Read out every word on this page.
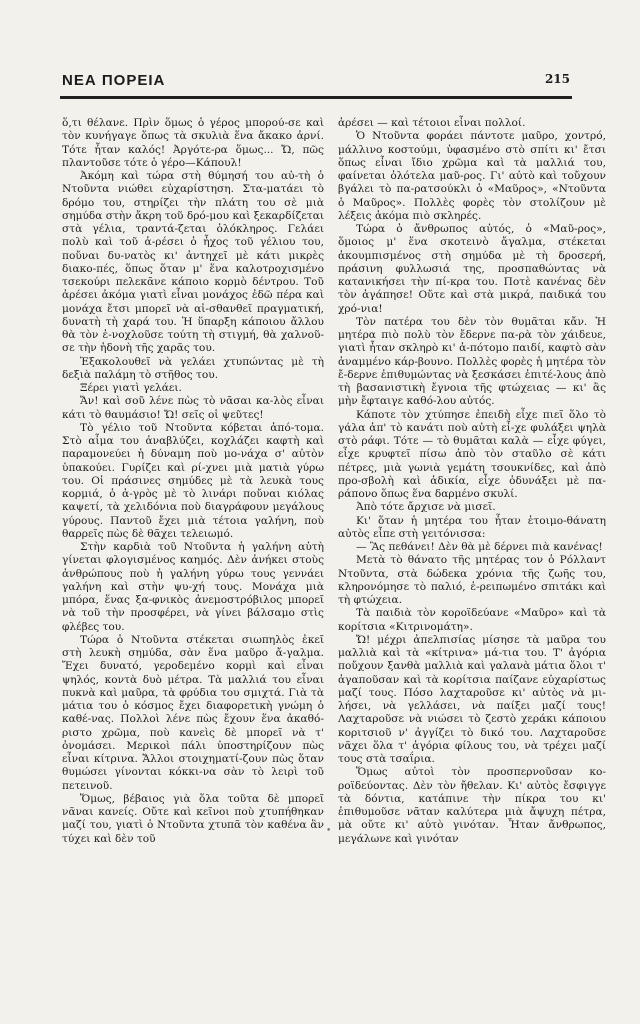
ΝΕΑ ΠΟΡΕΙΑ	215

ὅ,τι θέλανε. Πρὶν ὅμως ὁ γέρος μπορού-σε καὶ τὸν κυνήγαγε ὅπως τὰ σκυλιὰ ἕνα ἄκακο ἀρνί. Τότε ἦταν καλός! Ἀργότε-ρα ὅμως... Ὤ, πῶς πλαντοῦσε τότε ὁ γέρο—Κάπουλ!

Ἀκόμη καὶ τώρα στὴ θύμησή του αὐ-τὴ ὁ Ντοῦντα νιώθει εὐχαρίστηση. Στα-ματάει τὸ δρόμο του, στηρίζει τὴν πλάτη του σὲ μιὰ σημύδα στὴν ἄκρη τοῦ δρό-μου καὶ ξεκαρδίζεται στὰ γέλια, τραντά-ζεται ὁλόκληρος. Γελάει πολὺ καὶ τοῦ ἀ-ρέσει ὁ ἦχος τοῦ γέλιου του, ποὔναι δυ-νατὸς κι' ἀντηχεῖ μὲ κάτι μικρὲς διακο-πές, ὅπως ὅταν μ' ἕνα καλοτροχισμένο τσεκούρι πελεκᾶνε κάποιο κορμὸ δέντρου. Τοῦ ἀρέσει ἀκόμα γιατὶ εἶναι μονάχος ἐδῶ πέρα καὶ μονάχα ἔτσι μπορεῖ νὰ αἰ-σθανθεῖ πραγματική, δυνατὴ τὴ χαρά του. Ἡ ὕπαρξη κάποιου ἄλλου θὰ τὸν ἐ-νοχλοῦσε τούτη τὴ στιγμή, θὰ χαλνοῦ-σε τὴν ἡδονὴ τῆς χαρᾶς του.

Ἐξακολουθεῖ νὰ γελάει χτυπώντας μὲ τὴ δεξιὰ παλάμη τὸ στῆθος του.

Ξέρει γιατὶ γελάει.

Ἄν! καὶ σοῦ λένε πὼς τὸ νᾶσαι κα-λὸς εἶναι κάτι τὸ θαυμάσιο! Ὤ! σεῖς οἱ ψεῦτες!

Τὸ γέλιο τοῦ Ντοῦντα κόβεται ἀπό-τομα. Στὸ αἷμα του ἀναβλύζει, κοχλάζει καφτὴ καὶ παραμονεύει ἡ δύναμη ποὺ μο-νάχα σ' αὐτὸν ὑπακούει. Γυρίζει καὶ ρί-χνει μιὰ ματιὰ γύρω του. Οἱ πράσινες σημύδες μὲ τὰ λευκὰ τους κορμιά, ὁ ἀ-γρὸς μὲ τὸ λινάρι ποὔναι κιόλας καψετί, τὰ χελιδόνια ποὺ διαγράφουν μεγάλους γύρους. Παντοῦ ἔχει μιὰ τέτοια γαλήνη, ποὺ θαρρεῖς πὼς δὲ θᾶχει τελειωμό.

Στὴν καρδιὰ τοῦ Ντοῦντα ἡ γαλήνη αὐτὴ γίνεται φλογισμένος καημός. Δὲν ἀνήκει στοὺς ἀνθρώπους ποὺ ἡ γαλήνη γύρω τους γεννάει γαλήνη καὶ στὴν ψυ-χή τους. Μονάχα μιὰ μπόρα, ἕνας ξα-φνικὸς ἀνεμοστρόβιλος μπορεῖ νὰ τοῦ τὴν προσφέρει, νὰ γίνει βάλσαμο στὶς φλέβες του.

Τώρα ὁ Ντοῦντα στέκεται σιωπηλὸς ἐκεῖ στὴ λευκὴ σημύδα, σὰν ἕνα μαῦρο ἄ-γαλμα. Ἔχει δυνατό, γεροδεμένο κορμὶ καὶ εἶναι ψηλός, κοντὰ δυὸ μέτρα. Τὰ μαλλιά του εἶναι πυκνὰ καὶ μαῦρα, τὰ φρύδια του σμιχτά. Γιὰ τὰ μάτια του ὁ κόσμος ἔχει διαφορετικὴ γνώμη ὁ καθέ-νας. Πολλοὶ λένε πὼς ἔχουν ἕνα ἀκαθό-ριστο χρῶμα, ποὺ κανεὶς δὲ μπορεῖ νὰ τ' ὀνομάσει. Μερικοὶ πάλι ὑποστηρίζουν πὼς εἶναι κίτρινα. Ἄλλοι στοιχηματί-ζουν πὼς ὅταν θυμώσει γίνονται κόκκι-να σὰν τὸ λειρὶ τοῦ πετεινοῦ.

Ὅμως, βέβαιος γιὰ ὅλα τοῦτα δὲ μπορεῖ νᾶναι κανείς. Οὔτε καὶ κεῖνοι ποὺ χτυπήθηκαν μαζί του, γιατὶ ὁ Ντοῦντα χτυπᾶ τὸν καθένα ἂν τύχει καὶ δὲν τοῦ

•

ἀρέσει — καὶ τέτοιοι εἶναι πολλοί.

Ὁ Ντοῦντα φοράει πάντοτε μαῦρο, χοντρό, μάλλινο κοστούμι, ὑφασμένο στὸ σπίτι κι' ἔτσι ὅπως εἶναι ἴδιο χρῶμα καὶ τὰ μαλλιά του, φαίνεται ὁλότελα μαῦ-ρος. Γι' αὐτὸ καὶ τοὔχουν βγάλει τὸ πα-ρατσούκλι ὁ «Μαῦρος», «Ντοῦντα ὁ Μαῦρος». Πολλὲς φορὲς τὸν στολίζουν μὲ λέξεις ἀκόμα πιὸ σκληρές.

Τώρα ὁ ἄνθρωπος αὐτός, ὁ «Μαῦ-ρος», ὅμοιος μ' ἕνα σκοτεινὸ ἄγαλμα, στέκεται ἀκουμπισμένος στὴ σημύδα μὲ τὴ δροσερή, πράσινη φυλλωσιά της, προσπαθώντας νὰ κατανικήσει τὴν πί-κρα του. Ποτὲ κανένας δὲν τὸν ἀγάπησε! Οὔτε καὶ στὰ μικρά, παιδικά του χρό-νια!

Τὸν πατέρα του δὲν τὸν θυμᾶται κἄν. Ἡ μητέρα πιὸ πολὺ τὸν ἔδερνε πα-ρὰ τὸν χάιδευε, γιατὶ ἦταν σκληρὸ κι' ἀ-πότομο παιδί, καφτὸ σὰν ἀναμμένο κάρ-βουνο. Πολλὲς φορὲς ἡ μητέρα τὸν ἔ-δερνε ἐπιθυμώντας νὰ ξεσκάσει ἐπιτέ-λους ἀπὸ τὴ βασανιστικὴ ἔγνοια τῆς φτώχειας — κι' ἂς μὴν ἔφταιγε καθό-λου αὐτός.

Κάποτε τὸν χτύπησε ἐπειδὴ εἶχε πιεῖ ὅλο τὸ γάλα ἀπ' τὸ κανάτι ποὺ αὐτὴ εἶ-χε φυλάξει ψηλὰ στὸ ράφι. Τότε — τὸ θυμᾶται καλὰ — εἶχε φύγει, εἶχε κρυφτεῖ πίσω ἀπὸ τὸν σταῦλο σὲ κάτι πέτρες, μιὰ γωνιὰ γεμάτη τσουκνίδες, καὶ ἀπὸ προ-σβολὴ καὶ ἀδικία, εἶχε ὁδυνάξει μὲ πα-ράπονο ὅπως ἕνα δαρμένο σκυλί.

Ἀπὸ τότε ἄρχισε νὰ μισεῖ.

Κι' ὅταν ἡ μητέρα του ἦταν ἑτοιμο-θάνατη αὐτὸς εἶπε στὴ γειτόνισσα:

— Ἂς πεθάνει! Δὲν θὰ μὲ δέρνει πιὰ κανένας!

Μετὰ τὸ θάνατο τῆς μητέρας τον ὁ Ρόλλαντ Ντοῦντα, στὰ δώδεκα χρόνια τῆς ζωῆς του, κληρονόμησε τὸ παλιό, ἐ-ρειπωμένο σπιτάκι καὶ τὴ φτώχεια.

Τὰ παιδιὰ τὸν κοροϊδεύανε «Μαῦρο» καὶ τὰ κορίτσια «Κιτρινομάτη».

Ὤ! μέχρι ἀπελπισίας μίσησε τὰ μαῦρα του μαλλιὰ καὶ τὰ «κίτρινα» μά-τια του. Τ' ἀγόρια ποὔχουν ξανθὰ μαλλιὰ καὶ γαλανὰ μάτια ὅλοι τ' ἀγαποῦσαν καὶ τὰ κορίτσια παίζανε εὐχαρίστως μαζί τους. Πόσο λαχταροῦσε κι' αὐτὸς νὰ μι-λήσει, νὰ γελλάσει, νὰ παίξει μαζί τους! Λαχταροῦσε νὰ νιώσει τὸ ζεστὸ χεράκι κάποιου κοριτσιοῦ ν' ἀγγίζει τὸ δικό του. Λαχταροῦσε νᾶχει ὅλα τ' ἀγόρια φίλους του, νὰ τρέχει μαζί τους στὰ τσαΐρια.

Ὅμως αὐτοὶ τὸν προσπερνοῦσαν κο-ροϊδεύοντας. Δὲν τὸν ἤθελαν. Κι' αὐτὸς ἔσφιγγε τὰ δόντια, κατάπινε τὴν πίκρα του κι' ἐπιθυμοῦσε νᾶταν καλύτερα μιὰ ἄψυχη πέτρα, μὰ οὔτε κι' αὐτὸ γινόταν. Ἦταν ἄνθρωπος, μεγάλωνε καὶ γινόταν
